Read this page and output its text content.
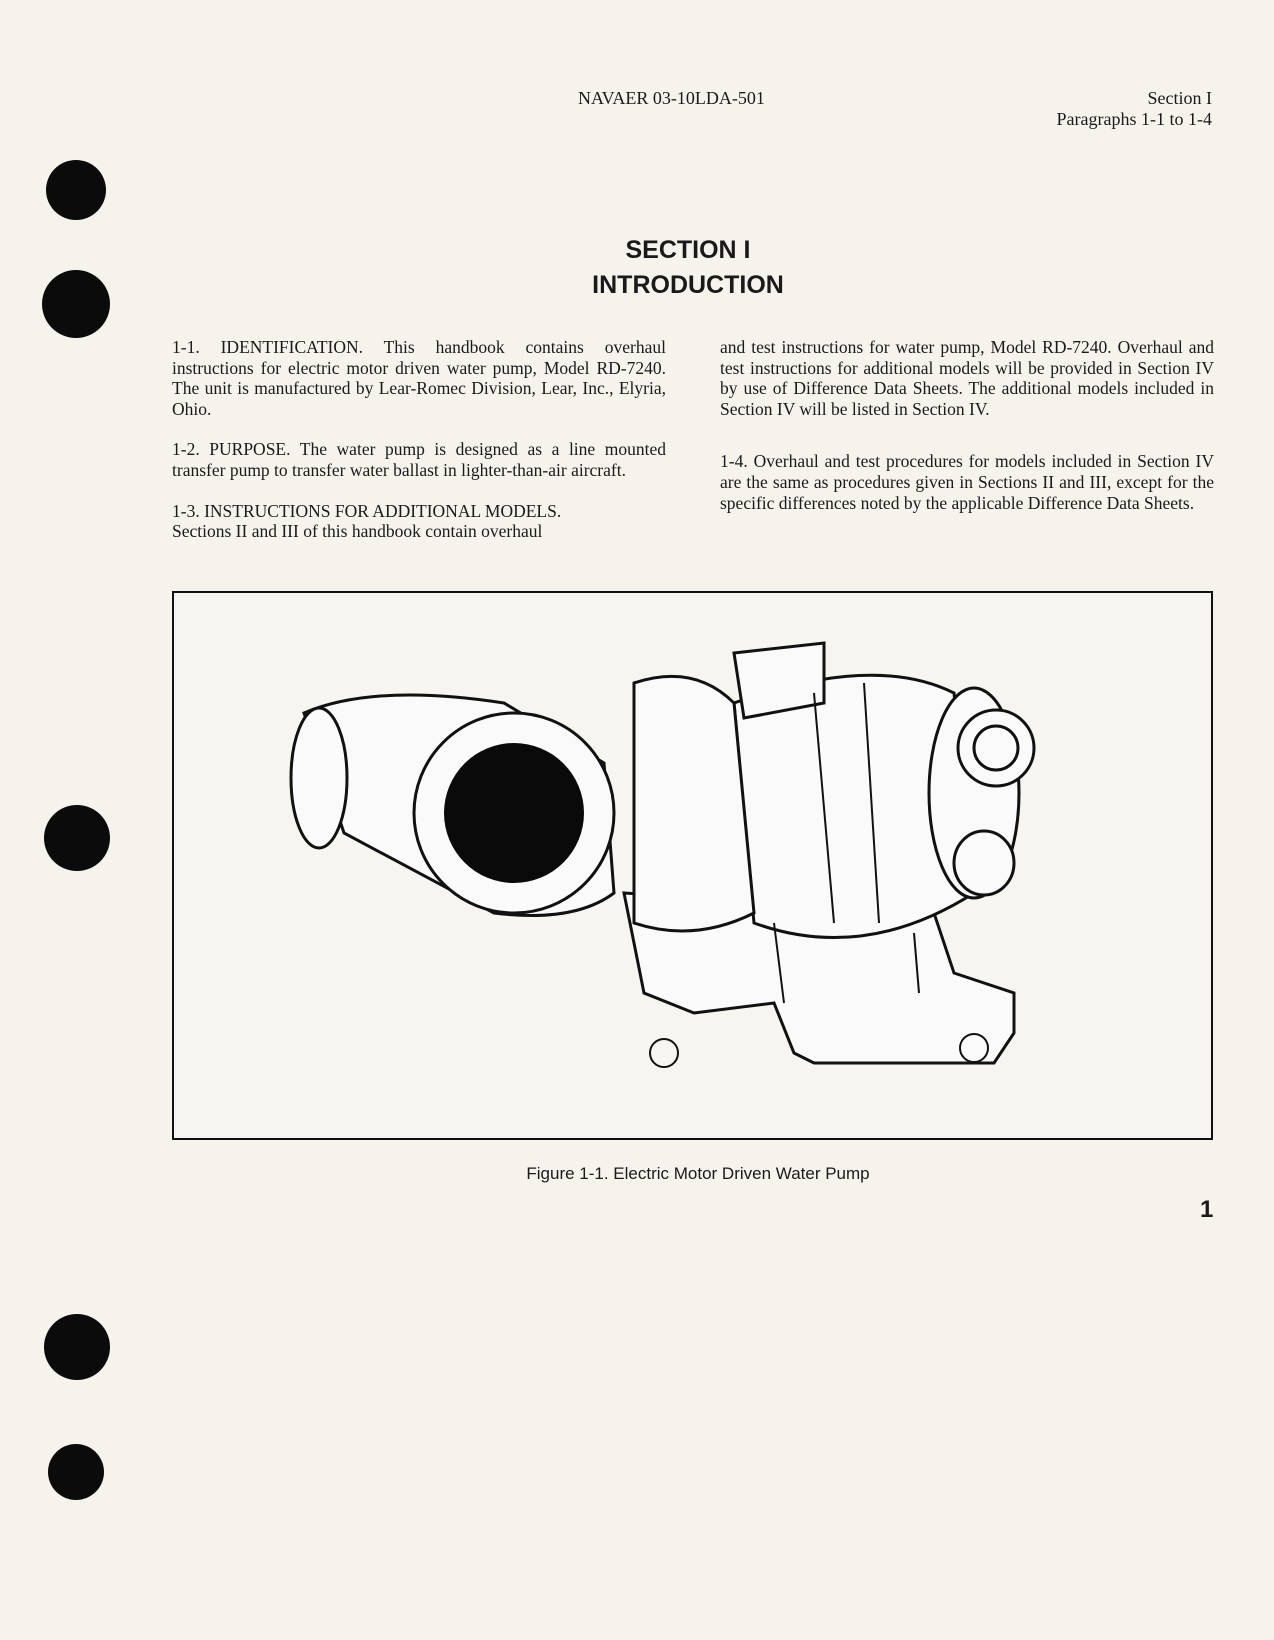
NAVAER 03-10LDA-501	Section I
Paragraphs 1-1 to 1-4
SECTION I
INTRODUCTION

1-1. IDENTIFICATION. This handbook contains overhaul instructions for electric motor driven water pump, Model RD-7240. The unit is manufactured by Lear-Romec Division, Lear, Inc., Elyria, Ohio.

1-2. PURPOSE. The water pump is designed as a line mounted transfer pump to transfer water ballast in lighter-than-air aircraft.

1-3. INSTRUCTIONS FOR ADDITIONAL MODELS.
Sections II and III of this handbook contain overhaul

and test instructions for water pump, Model RD-7240. Overhaul and test instructions for additional models will be provided in Section IV by use of Difference Data Sheets. The additional models included in Section IV will be listed in Section IV.

1-4. Overhaul and test procedures for models included in Section IV are the same as procedures given in Sections II and III, except for the specific differences noted by the applicable Difference Data Sheets.

Figure 1-1. Electric Motor Driven Water Pump
1
